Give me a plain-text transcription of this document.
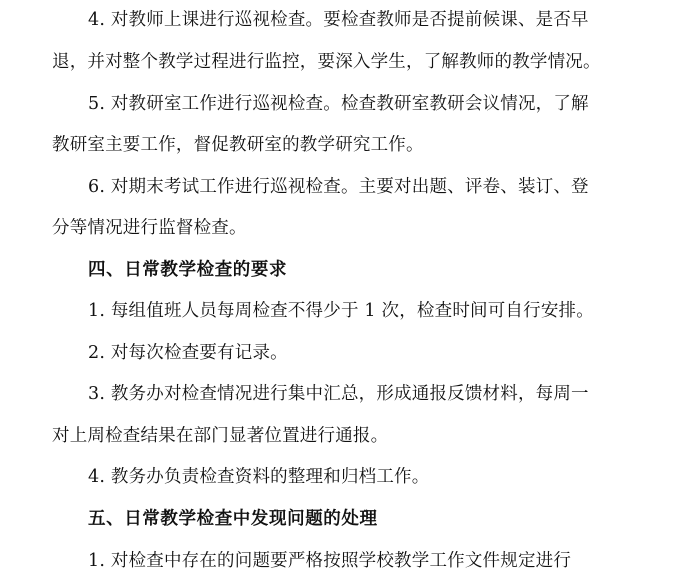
4. 对教师上课进行巡视检查。要检查教师是否提前候课、是否早
退，并对整个教学过程进行监控，要深入学生，了解教师的教学情况。
5. 对教研室工作进行巡视检查。检查教研室教研会议情况，了解
教研室主要工作，督促教研室的教学研究工作。
6. 对期末考试工作进行巡视检查。主要对出题、评卷、装订、登
分等情况进行监督检查。
四、日常教学检查的要求
1. 每组值班人员每周检查不得少于 1 次，检查时间可自行安排。
2. 对每次检查要有记录。
3. 教务办对检查情况进行集中汇总，形成通报反馈材料，每周一
对上周检查结果在部门显著位置进行通报。
4. 教务办负责检查资料的整理和归档工作。
五、日常教学检查中发现问题的处理
1. 对检查中存在的问题要严格按照学校教学工作文件规定进行
